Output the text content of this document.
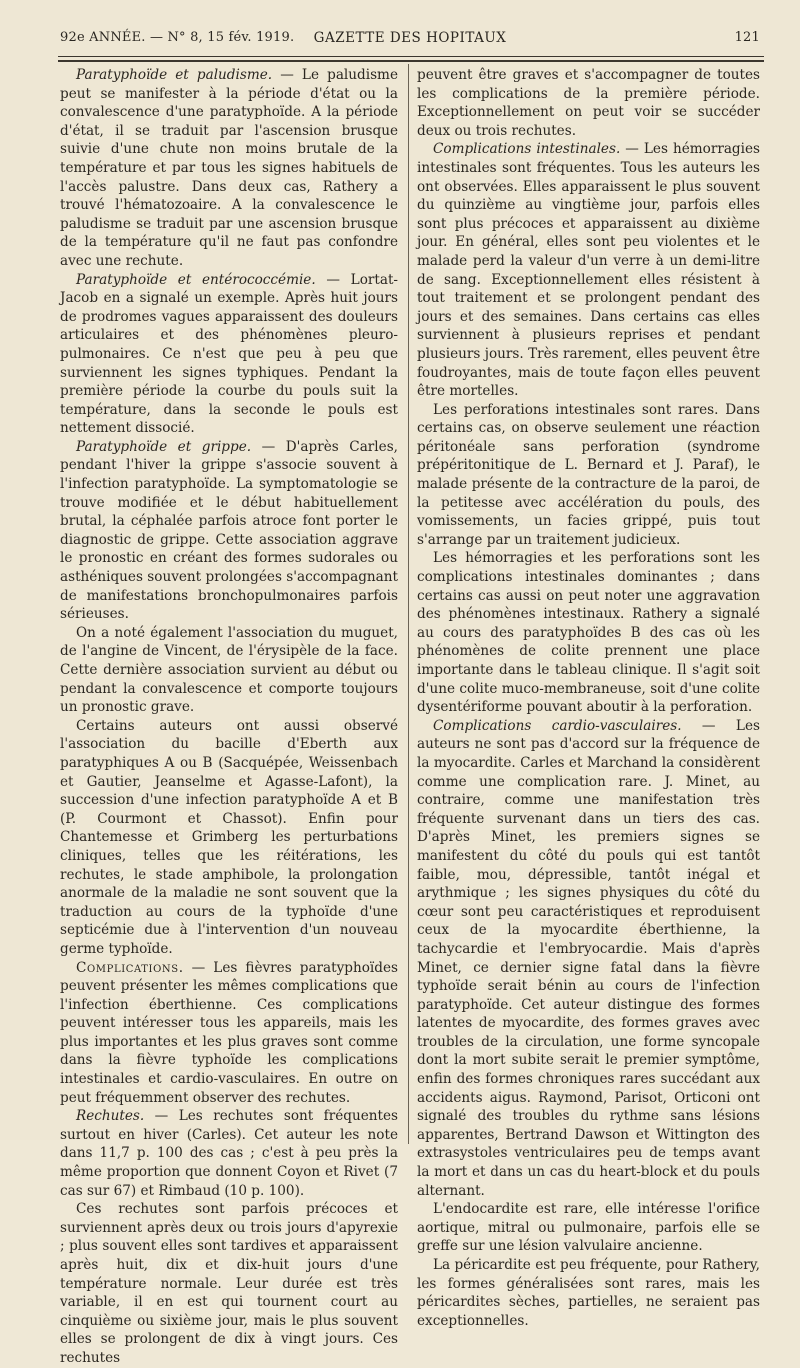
92e ANNÉE. — N° 8, 15 fév. 1919.	GAZETTE DES HOPITAUX	121

Paratyphoïde et paludisme. — Le paludisme peut se manifester à la période d'état ou la convalescence d'une paratyphoïde. A la période d'état, il se traduit par l'ascension brusque suivie d'une chute non moins brutale de la température et par tous les signes habituels de l'accès palustre. Dans deux cas, Rathery a trouvé l'hématozoaire. A la convalescence le paludisme se traduit par une ascension brusque de la température qu'il ne faut pas confondre avec une rechute.

Paratyphoïde et entérococcémie. — Lortat-Jacob en a signalé un exemple. Après huit jours de prodromes vagues apparaissent des douleurs articulaires et des phénomènes pleuro-pulmonaires. Ce n'est que peu à peu que surviennent les signes typhiques. Pendant la première période la courbe du pouls suit la température, dans la seconde le pouls est nettement dissocié.

Paratyphoïde et grippe. — D'après Carles, pendant l'hiver la grippe s'associe souvent à l'infection paratyphoïde. La symptomatologie se trouve modifiée et le début habituellement brutal, la céphalée parfois atroce font porter le diagnostic de grippe. Cette association aggrave le pronostic en créant des formes sudorales ou asthéniques souvent prolongées s'accompagnant de manifestations bronchopulmonaires parfois sérieuses.

On a noté également l'association du muguet, de l'angine de Vincent, de l'érysipèle de la face. Cette dernière association survient au début ou pendant la convalescence et comporte toujours un pronostic grave.

Certains auteurs ont aussi observé l'association du bacille d'Eberth aux paratyphiques A ou B (Sacquépée, Weissenbach et Gautier, Jeanselme et Agasse-Lafont), la succession d'une infection paratyphoïde A et B (P. Courmont et Chassot). Enfin pour Chantemesse et Grimberg les perturbations cliniques, telles que les réitérations, les rechutes, le stade amphibole, la prolongation anormale de la maladie ne sont souvent que la traduction au cours de la typhoïde d'une septicémie due à l'intervention d'un nouveau germe typhoïde.

Complications. — Les fièvres paratyphoïdes peuvent présenter les mêmes complications que l'infection éberthienne. Ces complications peuvent intéresser tous les appareils, mais les plus importantes et les plus graves sont comme dans la fièvre typhoïde les complications intestinales et cardio-vasculaires. En outre on peut fréquemment observer des rechutes.

Rechutes. — Les rechutes sont fréquentes surtout en hiver (Carles). Cet auteur les note dans 11,7 p. 100 des cas ; c'est à peu près la même proportion que donnent Coyon et Rivet (7 cas sur 67) et Rimbaud (10 p. 100).

Ces rechutes sont parfois précoces et surviennent après deux ou trois jours d'apyrexie ; plus souvent elles sont tardives et apparaissent après huit, dix et dix-huit jours d'une température normale. Leur durée est très variable, il en est qui tournent court au cinquième ou sixième jour, mais le plus souvent elles se prolongent de dix à vingt jours. Ces rechutes

peuvent être graves et s'accompagner de toutes les complications de la première période. Exceptionnellement on peut voir se succéder deux ou trois rechutes.

Complications intestinales. — Les hémorragies intestinales sont fréquentes. Tous les auteurs les ont observées. Elles apparaissent le plus souvent du quinzième au vingtième jour, parfois elles sont plus précoces et apparaissent au dixième jour. En général, elles sont peu violentes et le malade perd la valeur d'un verre à un demi-litre de sang. Exceptionnellement elles résistent à tout traitement et se prolongent pendant des jours et des semaines. Dans certains cas elles surviennent à plusieurs reprises et pendant plusieurs jours. Très rarement, elles peuvent être foudroyantes, mais de toute façon elles peuvent être mortelles.

Les perforations intestinales sont rares. Dans certains cas, on observe seulement une réaction péritonéale sans perforation (syndrome prépéritonitique de L. Bernard et J. Paraf), le malade présente de la contracture de la paroi, de la petitesse avec accélération du pouls, des vomissements, un facies grippé, puis tout s'arrange par un traitement judicieux.

Les hémorragies et les perforations sont les complications intestinales dominantes ; dans certains cas aussi on peut noter une aggravation des phénomènes intestinaux. Rathery a signalé au cours des paratyphoïdes B des cas où les phénomènes de colite prennent une place importante dans le tableau clinique. Il s'agit soit d'une colite muco-membraneuse, soit d'une colite dysentériforme pouvant aboutir à la perforation.

Complications cardio-vasculaires. — Les auteurs ne sont pas d'accord sur la fréquence de la myocardite. Carles et Marchand la considèrent comme une complication rare. J. Minet, au contraire, comme une manifestation très fréquente survenant dans un tiers des cas. D'après Minet, les premiers signes se manifestent du côté du pouls qui est tantôt faible, mou, dépressible, tantôt inégal et arythmique ; les signes physiques du côté du cœur sont peu caractéristiques et reproduisent ceux de la myocardite éberthienne, la tachycardie et l'embryocardie. Mais d'après Minet, ce dernier signe fatal dans la fièvre typhoïde serait bénin au cours de l'infection paratyphoïde. Cet auteur distingue des formes latentes de myocardite, des formes graves avec troubles de la circulation, une forme syncopale dont la mort subite serait le premier symptôme, enfin des formes chroniques rares succédant aux accidents aigus. Raymond, Parisot, Orticoni ont signalé des troubles du rythme sans lésions apparentes, Bertrand Dawson et Wittington des extrasystoles ventriculaires peu de temps avant la mort et dans un cas du heart-block et du pouls alternant.

L'endocardite est rare, elle intéresse l'orifice aortique, mitral ou pulmonaire, parfois elle se greffe sur une lésion valvulaire ancienne.

La péricardite est peu fréquente, pour Rathery, les formes généralisées sont rares, mais les péricardites sèches, partielles, ne seraient pas exceptionnelles.
